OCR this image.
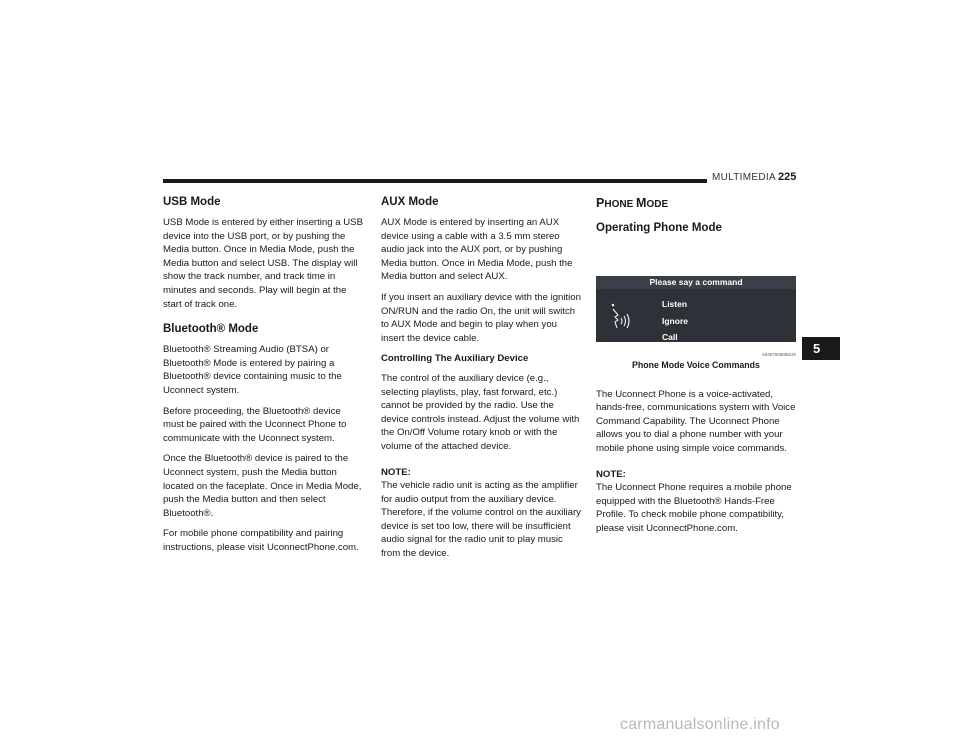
MULTIMEDIA 225
USB Mode

USB Mode is entered by either inserting a USB device into the USB port, or by pushing the Media button. Once in Media Mode, push the Media button and select USB. The display will show the track number, and track time in minutes and seconds. Play will begin at the start of track one.

Bluetooth® Mode

Bluetooth® Streaming Audio (BTSA) or Bluetooth® Mode is entered by pairing a Bluetooth® device containing music to the Uconnect system.

Before proceeding, the Bluetooth® device must be paired with the Uconnect Phone to communicate with the Uconnect system.

Once the Bluetooth® device is paired to the Uconnect system, push the Media button located on the faceplate. Once in Media Mode, push the Media button and then select Bluetooth®.

For mobile phone compatibility and pairing instructions, please visit UconnectPhone.com.

AUX Mode

AUX Mode is entered by inserting an AUX device using a cable with a 3.5 mm stereo audio jack into the AUX port, or by pushing Media button. Once in Media Mode, push the Media button and select AUX.

If you insert an auxiliary device with the ignition ON/RUN and the radio On, the unit will switch to AUX Mode and begin to play when you insert the device cable.

Controlling The Auxiliary Device

The control of the auxiliary device (e.g., selecting playlists, play, fast forward, etc.) cannot be provided by the radio. Use the device controls instead. Adjust the volume with the On/Off Volume rotary knob or with the volume of the attached device.

NOTE:
The vehicle radio unit is acting as the amplifier for audio output from the auxiliary device. Therefore, if the volume control on the auxiliary device is set too low, there will be insufficient audio signal for the radio unit to play music from the device.

PHONE MODE
Operating Phone Mode
Please say a command
Listen
Ignore
Call
A0407000006US
Phone Mode Voice Commands

The Uconnect Phone is a voice-activated, hands-free, communications system with Voice Command Capability. The Uconnect Phone allows you to dial a phone number with your mobile phone using simple voice commands.

NOTE:
The Uconnect Phone requires a mobile phone equipped with the Bluetooth® Hands-Free Profile. To check mobile phone compatibility, please visit UconnectPhone.com.

5
carmanualsonline.info
